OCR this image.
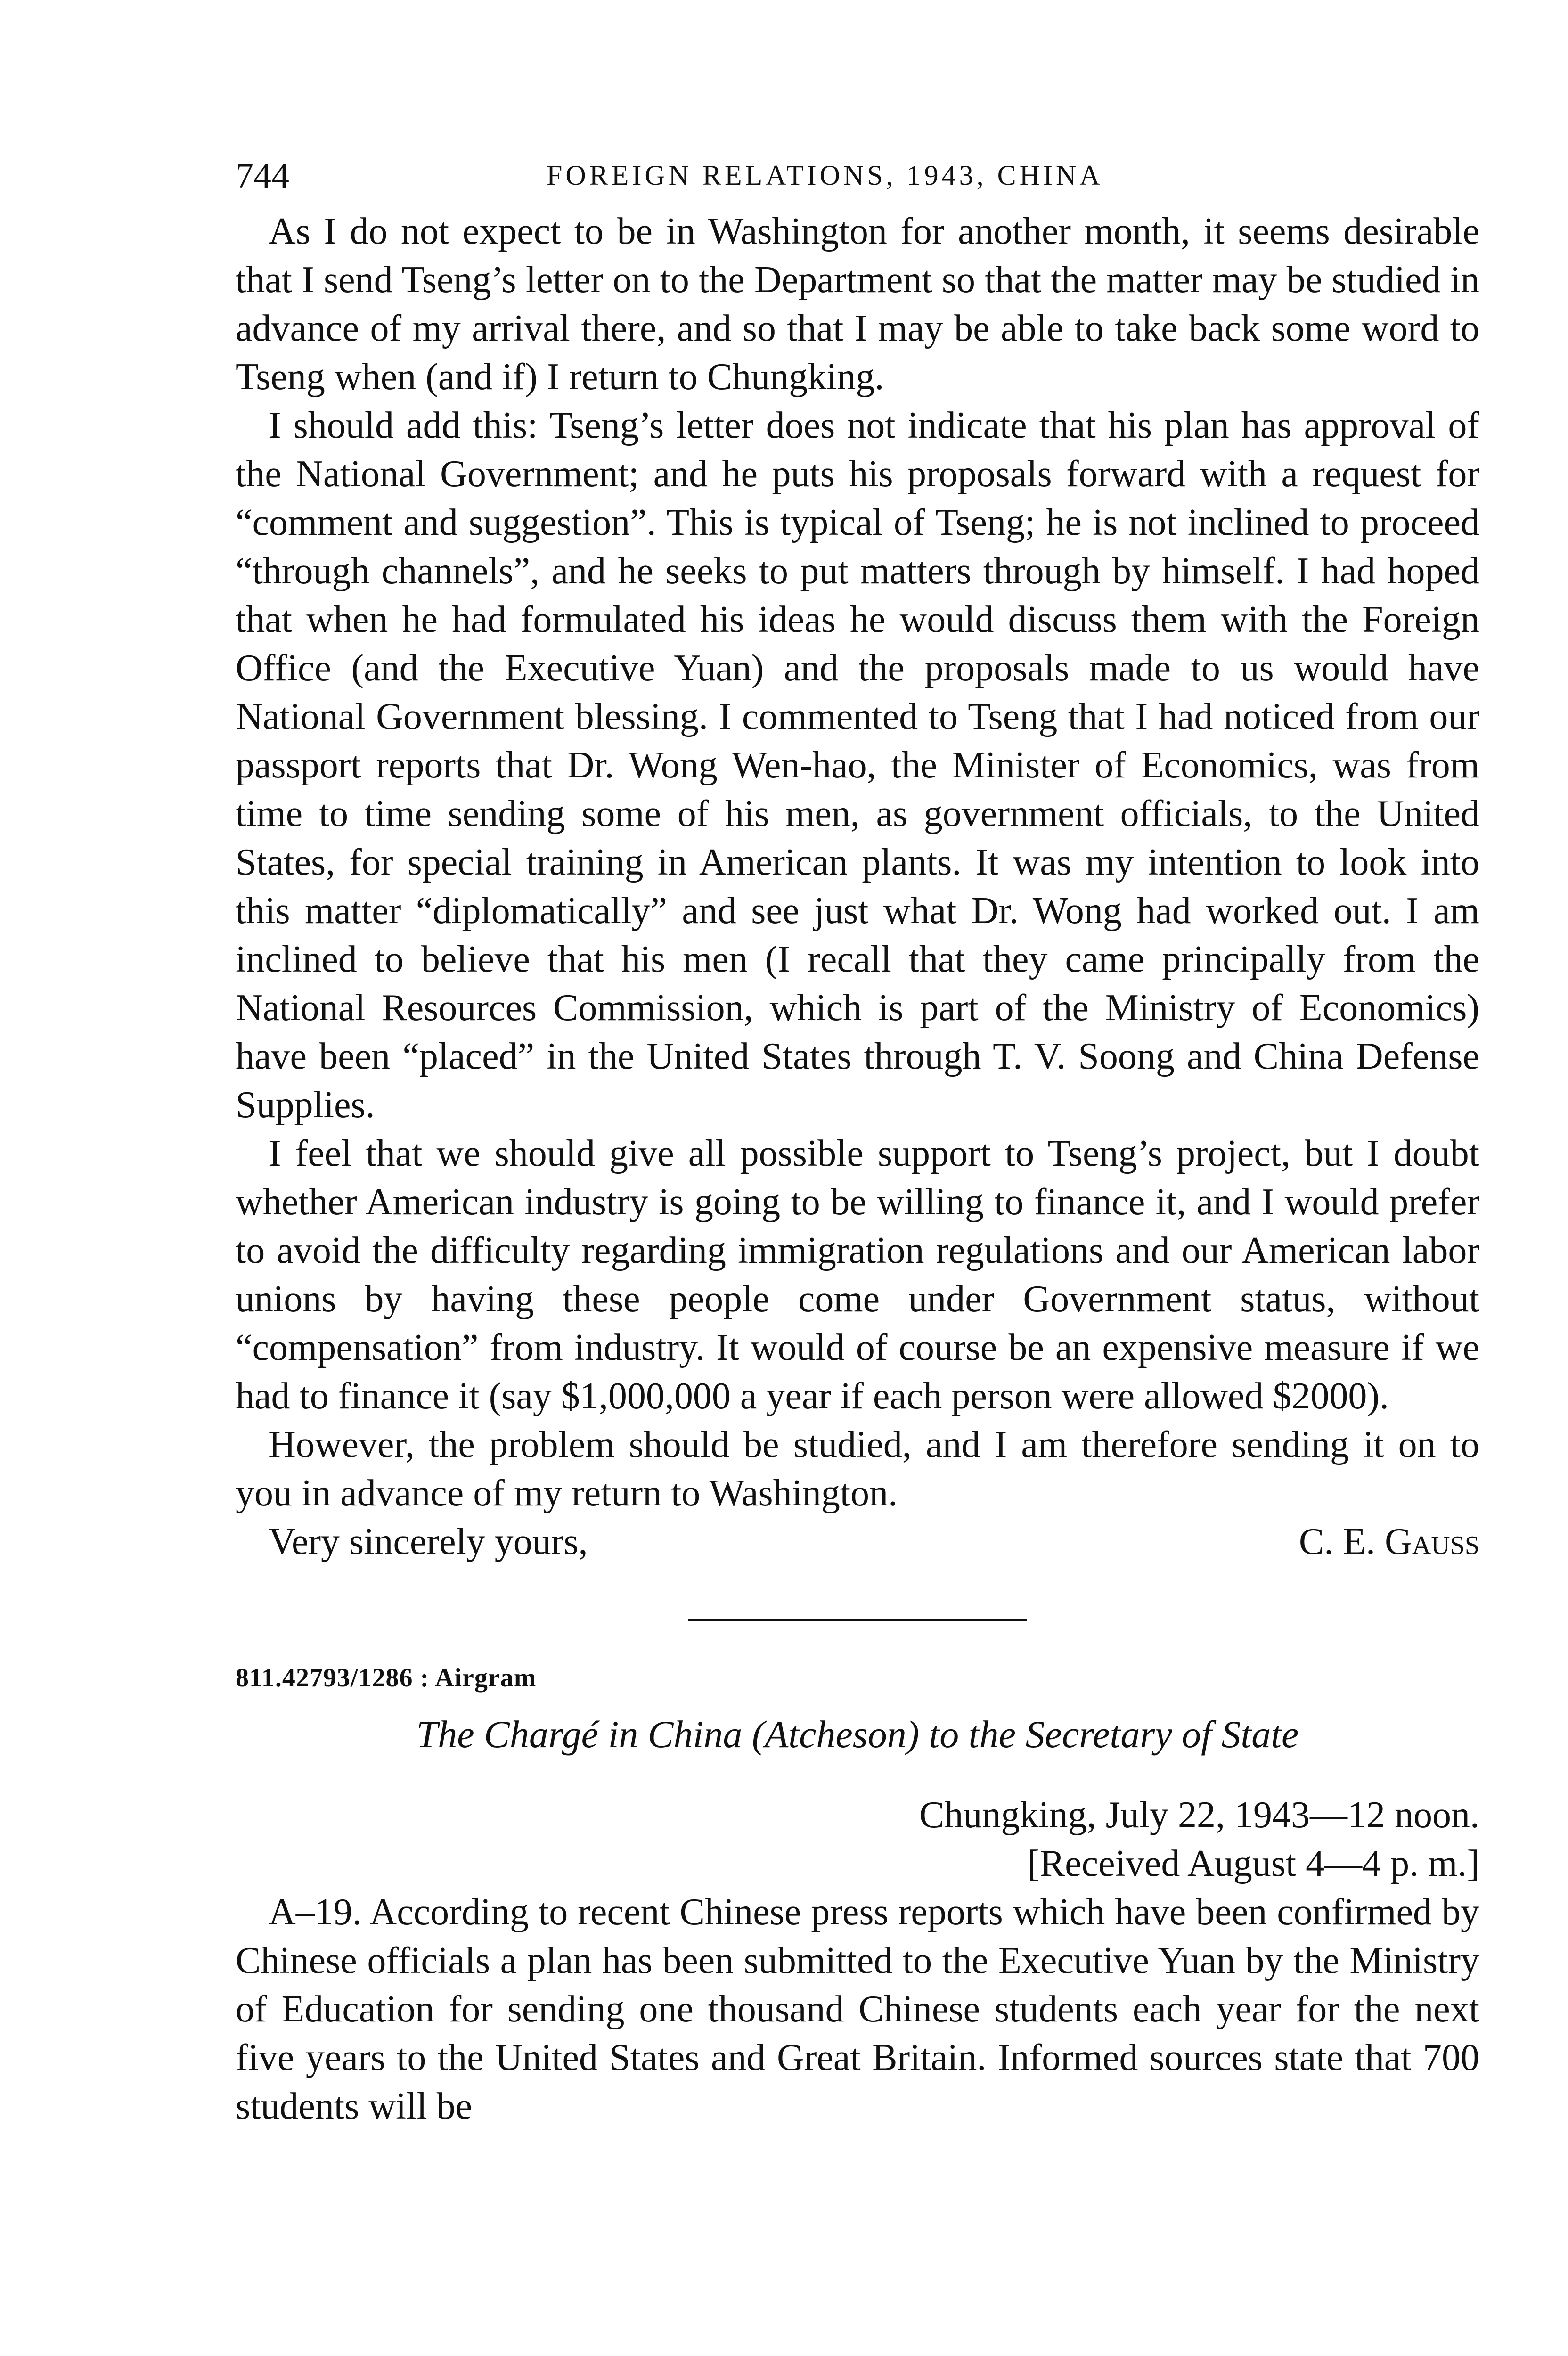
744	FOREIGN RELATIONS, 1943, CHINA

As I do not expect to be in Washington for another month, it seems desirable that I send Tseng’s letter on to the Department so that the matter may be studied in advance of my arrival there, and so that I may be able to take back some word to Tseng when (and if) I return to Chungking.

I should add this: Tseng’s letter does not indicate that his plan has approval of the National Government; and he puts his proposals forward with a request for “comment and suggestion”. This is typical of Tseng; he is not inclined to proceed “through channels”, and he seeks to put matters through by himself. I had hoped that when he had formulated his ideas he would discuss them with the Foreign Office (and the Executive Yuan) and the proposals made to us would have National Government blessing. I commented to Tseng that I had noticed from our passport reports that Dr. Wong Wen-hao, the Minister of Economics, was from time to time sending some of his men, as government officials, to the United States, for special training in American plants. It was my intention to look into this matter “diplomatically” and see just what Dr. Wong had worked out. I am inclined to believe that his men (I recall that they came principally from the National Resources Commission, which is part of the Ministry of Economics) have been “placed” in the United States through T. V. Soong and China Defense Supplies.

I feel that we should give all possible support to Tseng’s project, but I doubt whether American industry is going to be willing to finance it, and I would prefer to avoid the difficulty regarding immigration regulations and our American labor unions by having these people come under Government status, without “compensation” from industry. It would of course be an expensive measure if we had to finance it (say $1,000,000 a year if each person were allowed $2000).

However, the problem should be studied, and I am therefore sending it on to you in advance of my return to Washington.

Very sincerely yours,	C. E. Gauss
811.42793/1286 : Airgram
The Chargé in China (Atcheson) to the Secretary of State
Chungking, July 22, 1943—12 noon.
[Received August 4—4 p. m.]

A–19. According to recent Chinese press reports which have been confirmed by Chinese officials a plan has been submitted to the Executive Yuan by the Ministry of Education for sending one thousand Chinese students each year for the next five years to the United States and Great Britain. Informed sources state that 700 students will be
